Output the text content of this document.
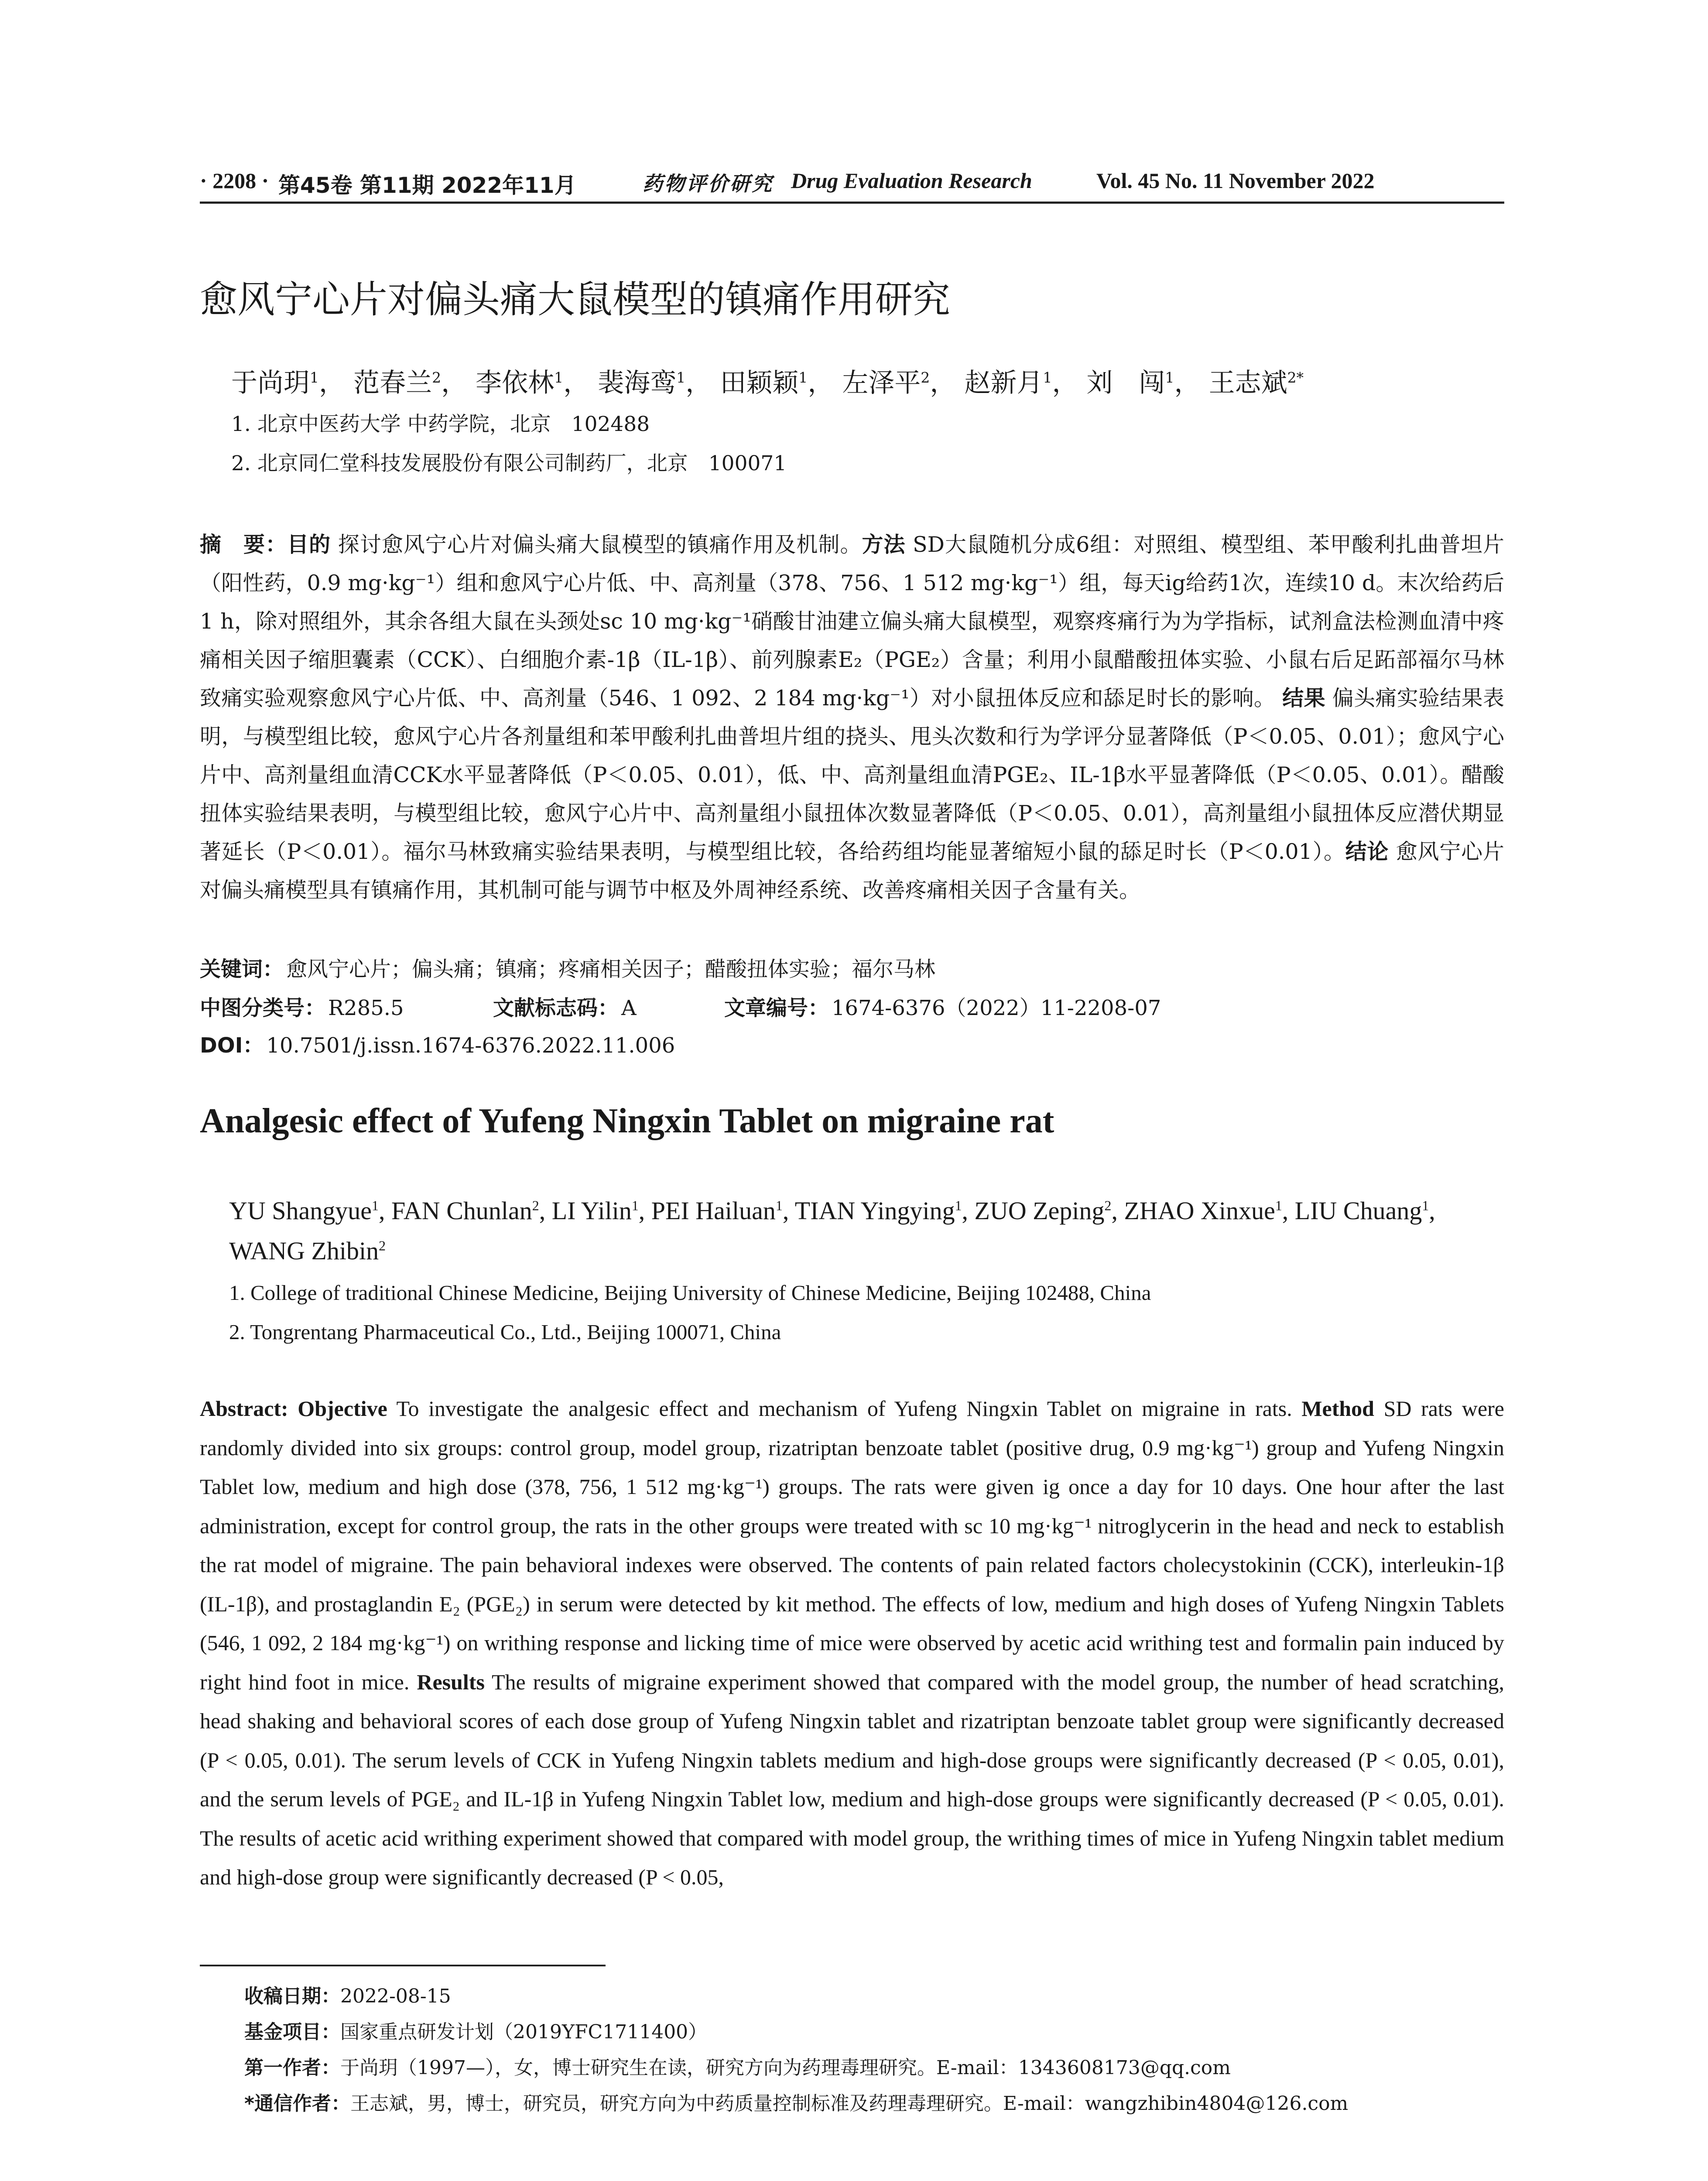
· 2208 · 第45卷 第11期 2022年11月	药物评价研究 Drug Evaluation Research	Vol. 45 No. 11 November 2022
愈风宁心片对偏头痛大鼠模型的镇痛作用研究
于尚玥$^1$， 范春兰$^2$， 李依林$^1$， 裴海鸾$^1$， 田颖颖$^1$， 左泽平$^2$， 赵新月$^1$， 刘　闯$^1$， 王志斌$^{2*}$
1. 北京中医药大学 中药学院，北京　102488
2. 北京同仁堂科技发展股份有限公司制药厂，北京　100071

摘　要：目的 探讨愈风宁心片对偏头痛大鼠模型的镇痛作用及机制。方法 SD大鼠随机分成6组：对照组、模型组、苯甲酸利扎曲普坦片（阳性药，0.9 mg·kg⁻¹）组和愈风宁心片低、中、高剂量（378、756、1 512 mg·kg⁻¹）组，每天ig给药1次，连续10 d。末次给药后1 h，除对照组外，其余各组大鼠在头颈处sc 10 mg·kg⁻¹硝酸甘油建立偏头痛大鼠模型，观察疼痛行为为学指标，试剂盒法检测血清中疼痛相关因子缩胆囊素（CCK）、白细胞介素-1β（IL-1β）、前列腺素E₂（PGE₂）含量；利用小鼠醋酸扭体实验、小鼠右后足跖部福尔马林致痛实验观察愈风宁心片低、中、高剂量（546、1 092、2 184 mg·kg⁻¹）对小鼠扭体反应和舔足时长的影响。 结果 偏头痛实验结果表明，与模型组比较，愈风宁心片各剂量组和苯甲酸利扎曲普坦片组的挠头、甩头次数和行为学评分显著降低（P＜0.05、0.01）；愈风宁心片中、高剂量组血清CCK水平显著降低（P＜0.05、0.01），低、中、高剂量组血清PGE₂、IL-1β水平显著降低（P＜0.05、0.01）。醋酸扭体实验结果表明，与模型组比较，愈风宁心片中、高剂量组小鼠扭体次数显著降低（P＜0.05、0.01），高剂量组小鼠扭体反应潜伏期显著延长（P＜0.01）。福尔马林致痛实验结果表明，与模型组比较，各给药组均能显著缩短小鼠的舔足时长（P＜0.01）。结论 愈风宁心片对偏头痛模型具有镇痛作用，其机制可能与调节中枢及外周神经系统、改善疼痛相关因子含量有关。

关键词： 愈风宁心片；偏头痛；镇痛；疼痛相关因子；醋酸扭体实验；福尔马林
中图分类号： R285.5	文献标志码： A	文章编号： 1674-6376（2022）11-2208-07
DOI： 10.7501/j.issn.1674-6376.2022.11.006
Analgesic effect of Yufeng Ningxin Tablet on migraine rat
YU Shangyue$^1$, FAN Chunlan$^2$, LI Yilin$^1$, PEI Hailuan$^1$, TIAN Yingying$^1$, ZUO Zeping$^2$, ZHAO Xinxue$^1$, LIU Chuang$^1$, WANG Zhibin$^2$
1. College of traditional Chinese Medicine, Beijing University of Chinese Medicine, Beijing 102488, China
2. Tongrentang Pharmaceutical Co., Ltd., Beijing 100071, China
Abstract: Objective To investigate the analgesic effect and mechanism of Yufeng Ningxin Tablet on migraine in rats. Method SD rats were randomly divided into six groups: control group, model group, rizatriptan benzoate tablet (positive drug, 0.9 mg·kg⁻¹) group and Yufeng Ningxin Tablet low, medium and high dose (378, 756, 1 512 mg·kg⁻¹) groups. The rats were given ig once a day for 10 days. One hour after the last administration, except for control group, the rats in the other groups were treated with sc 10 mg·kg⁻¹ nitroglycerin in the head and neck to establish the rat model of migraine. The pain behavioral indexes were observed. The contents of pain related factors cholecystokinin (CCK), interleukin-1β (IL-1β), and prostaglandin E₂ (PGE₂) in serum were detected by kit method. The effects of low, medium and high doses of Yufeng Ningxin Tablets (546, 1 092, 2 184 mg·kg⁻¹) on writhing response and licking time of mice were observed by acetic acid writhing test and formalin pain induced by right hind foot in mice. Results The results of migraine experiment showed that compared with the model group, the number of head scratching, head shaking and behavioral scores of each dose group of Yufeng Ningxin tablet and rizatriptan benzoate tablet group were significantly decreased (P < 0.05, 0.01). The serum levels of CCK in Yufeng Ningxin tablets medium and high-dose groups were significantly decreased (P < 0.05, 0.01), and the serum levels of PGE₂ and IL-1β in Yufeng Ningxin Tablet low, medium and high-dose groups were significantly decreased (P < 0.05, 0.01). The results of acetic acid writhing experiment showed that compared with model group, the writhing times of mice in Yufeng Ningxin tablet medium and high-dose group were significantly decreased (P < 0.05,
收稿日期：2022-08-15
基金项目：国家重点研发计划（2019YFC1711400）
第一作者：于尚玥（1997—），女，博士研究生在读，研究方向为药理毒理研究。E-mail：1343608173@qq.com
*通信作者：王志斌，男，博士，研究员，研究方向为中药质量控制标准及药理毒理研究。E-mail：wangzhibin4804@126.com
